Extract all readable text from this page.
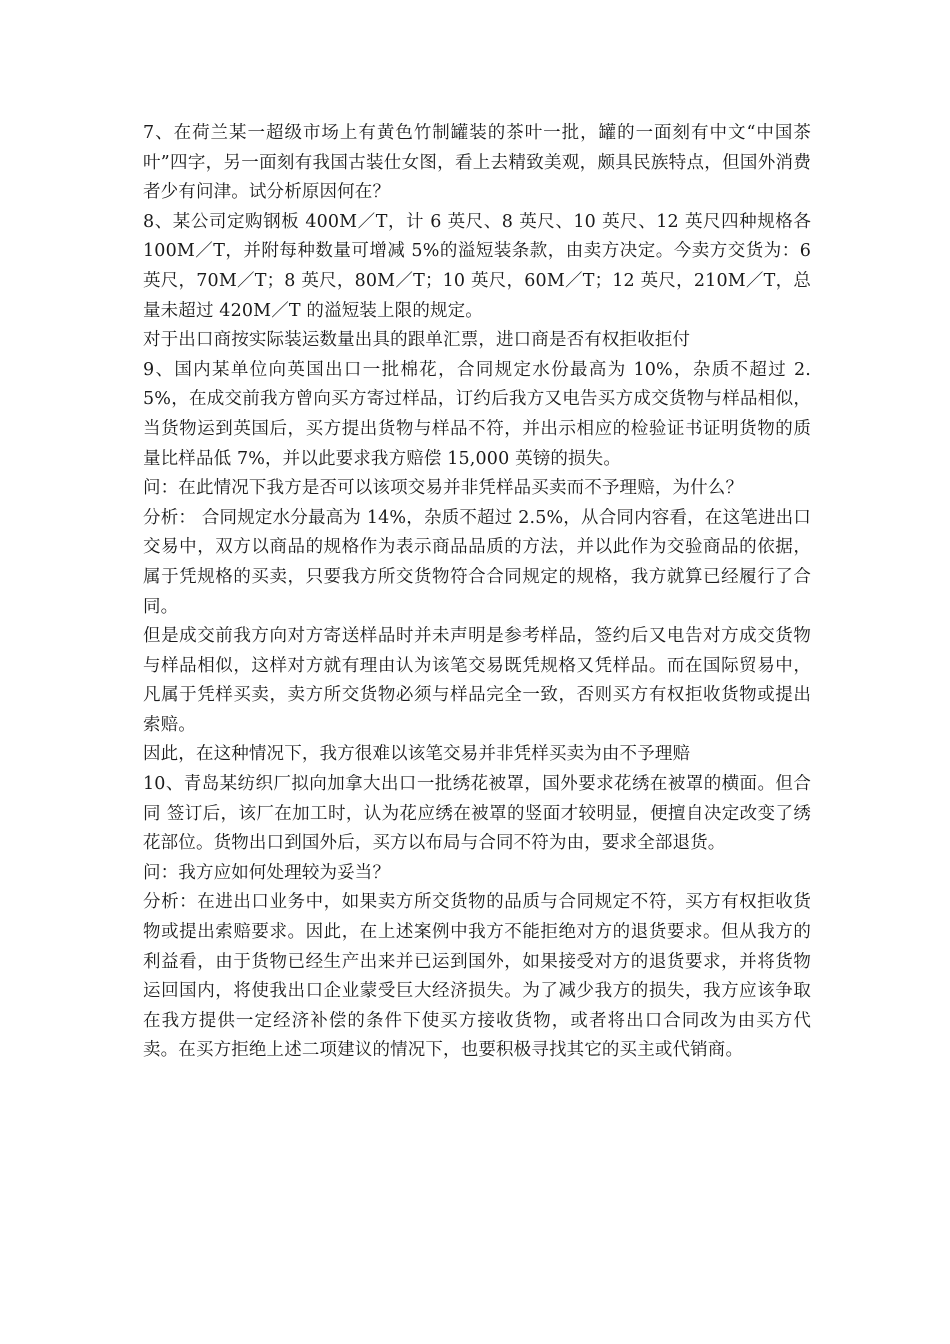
7、在荷兰某一超级市场上有黄色竹制罐装的茶叶一批，罐的一面刻有中文“中国茶叶”四字，另一面刻有我国古装仕女图，看上去精致美观，颇具民族特点，但国外消费者少有问津。试分析原因何在？

8、某公司定购钢板 400M／T，计 6 英尺、8 英尺、10 英尺、12 英尺四种规格各 100M／T，并附每种数量可增减 5%的溢短装条款，由卖方决定。今卖方交货为：6 英尺，70M／T；8 英尺，80M／T；10 英尺，60M／T；12 英尺，210M／T，总量未超过 420M／T 的溢短装上限的规定。

对于出口商按实际装运数量出具的跟单汇票，进口商是否有权拒收拒付

9、国内某单位向英国出口一批棉花，合同规定水份最高为 10%，杂质不超过 2.5%，在成交前我方曾向买方寄过样品，订约后我方又电告买方成交货物与样品相似，当货物运到英国后，买方提出货物与样品不符，并出示相应的检验证书证明货物的质量比样品低 7%，并以此要求我方赔偿 15,000 英镑的损失。

问：在此情况下我方是否可以该项交易并非凭样品买卖而不予理赔，为什么？

分析： 合同规定水分最高为 14%，杂质不超过 2.5%，从合同内容看，在这笔进出口交易中，双方以商品的规格作为表示商品品质的方法，并以此作为交验商品的依据，属于凭规格的买卖，只要我方所交货物符合合同规定的规格，我方就算已经履行了合同。

但是成交前我方向对方寄送样品时并未声明是参考样品，签约后又电告对方成交货物与样品相似，这样对方就有理由认为该笔交易既凭规格又凭样品。而在国际贸易中，凡属于凭样买卖，卖方所交货物必须与样品完全一致，否则买方有权拒收货物或提出索赔。

因此，在这种情况下，我方很难以该笔交易并非凭样买卖为由不予理赔

10、青岛某纺织厂拟向加拿大出口一批绣花被罩，国外要求花绣在被罩的横面。但合同 签订后，该厂在加工时，认为花应绣在被罩的竖面才较明显，便擅自决定改变了绣花部位。货物出口到国外后，买方以布局与合同不符为由，要求全部退货。

问：我方应如何处理较为妥当？

分析：在进出口业务中，如果卖方所交货物的品质与合同规定不符，买方有权拒收货物或提出索赔要求。因此，在上述案例中我方不能拒绝对方的退货要求。但从我方的利益看，由于货物已经生产出来并已运到国外，如果接受对方的退货要求，并将货物运回国内，将使我出口企业蒙受巨大经济损失。为了减少我方的损失，我方应该争取在我方提供一定经济补偿的条件下使买方接收货物，或者将出口合同改为由买方代卖。在买方拒绝上述二项建议的情况下，也要积极寻找其它的买主或代销商。
